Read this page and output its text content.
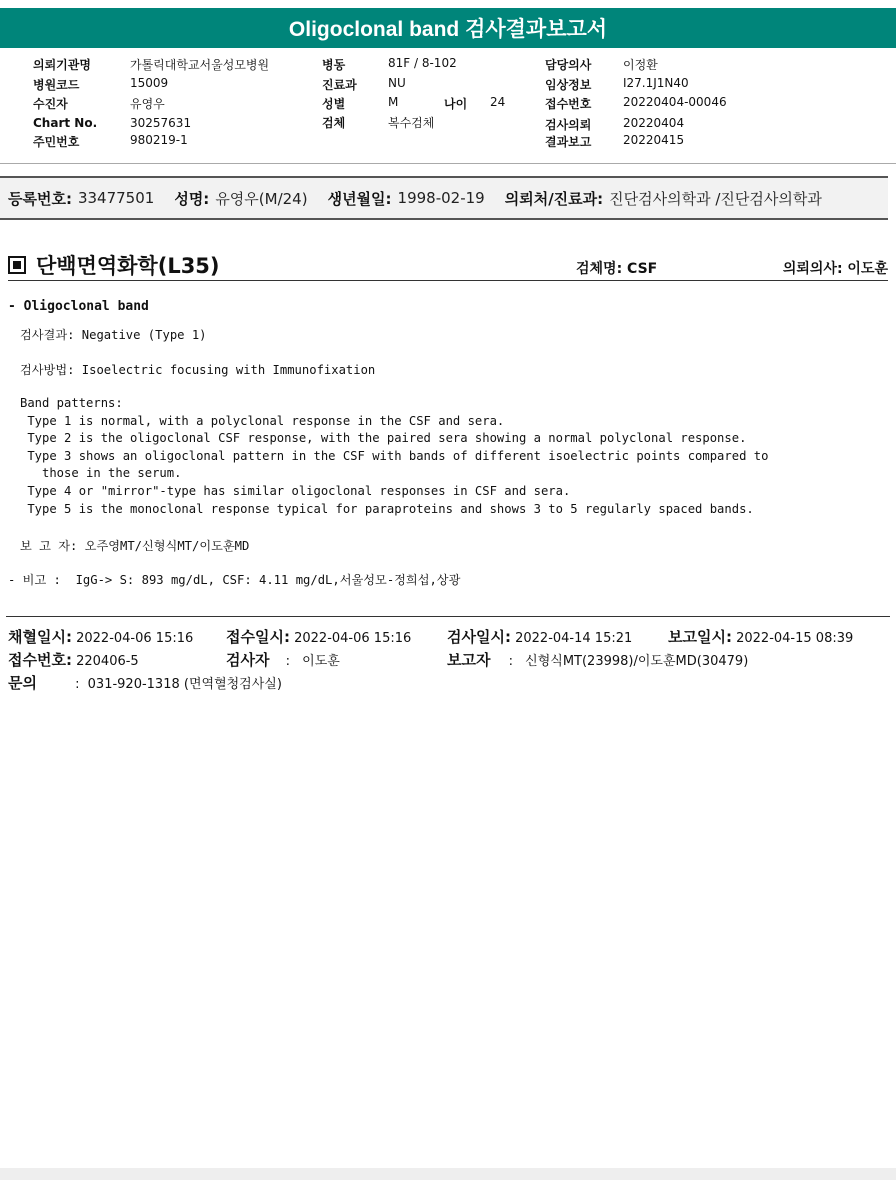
Oligoclonal band 검사결과보고서
의뢰기관명	가톨릭대학교서울성모병원
병원코드	15009
수진자	유영우
Chart No.	30257631
주민번호	980219-1
병동	81F / 8-102
진료과	NU
성별	M	나이 24
검체	복수검체
담당의사	이정환
임상정보	I27.1J1N40
접수번호	20220404-00046
검사의뢰	20220404
결과보고	20220415
등록번호: 33477501 성명: 유영우(M/24) 생년월일: 1998-02-19 의뢰처/진료과: 진단검사의학과 /진단검사의학과
단백면역화학(L35)	검체명: CSF	의뢰의사: 이도훈
- Oligoclonal band
검사결과: Negative (Type 1)
검사방법: Isoelectric focusing with Immunofixation
Band patterns:
Type 1 is normal, with a polyclonal response in the CSF and sera.
Type 2 is the oligoclonal CSF response, with the paired sera showing a normal polyclonal response.
Type 3 shows an oligoclonal pattern in the CSF with bands of different isoelectric points compared to
those in the serum.
Type 4 or "mirror"-type has similar oligoclonal responses in CSF and sera.
Type 5 is the monoclonal response typical for paraproteins and shows 3 to 5 regularly spaced bands.
보 고 자: 오주영MT/신형식MT/이도훈MD
- 비고 :  IgG-> S: 893 mg/dL, CSF: 4.11 mg/dL,서울성모-정희섭,상광
채혈일시: 2022-04-06 15:16 접수일시: 2022-04-06 15:16 검사일시: 2022-04-14 15:21 보고일시: 2022-04-15 08:39
접수번호: 220406-5	검사자 : 이도훈	보고자 : 신형식MT(23998)/이도훈MD(30479)
문의	: 031-920-1318 (면역혈청검사실)
